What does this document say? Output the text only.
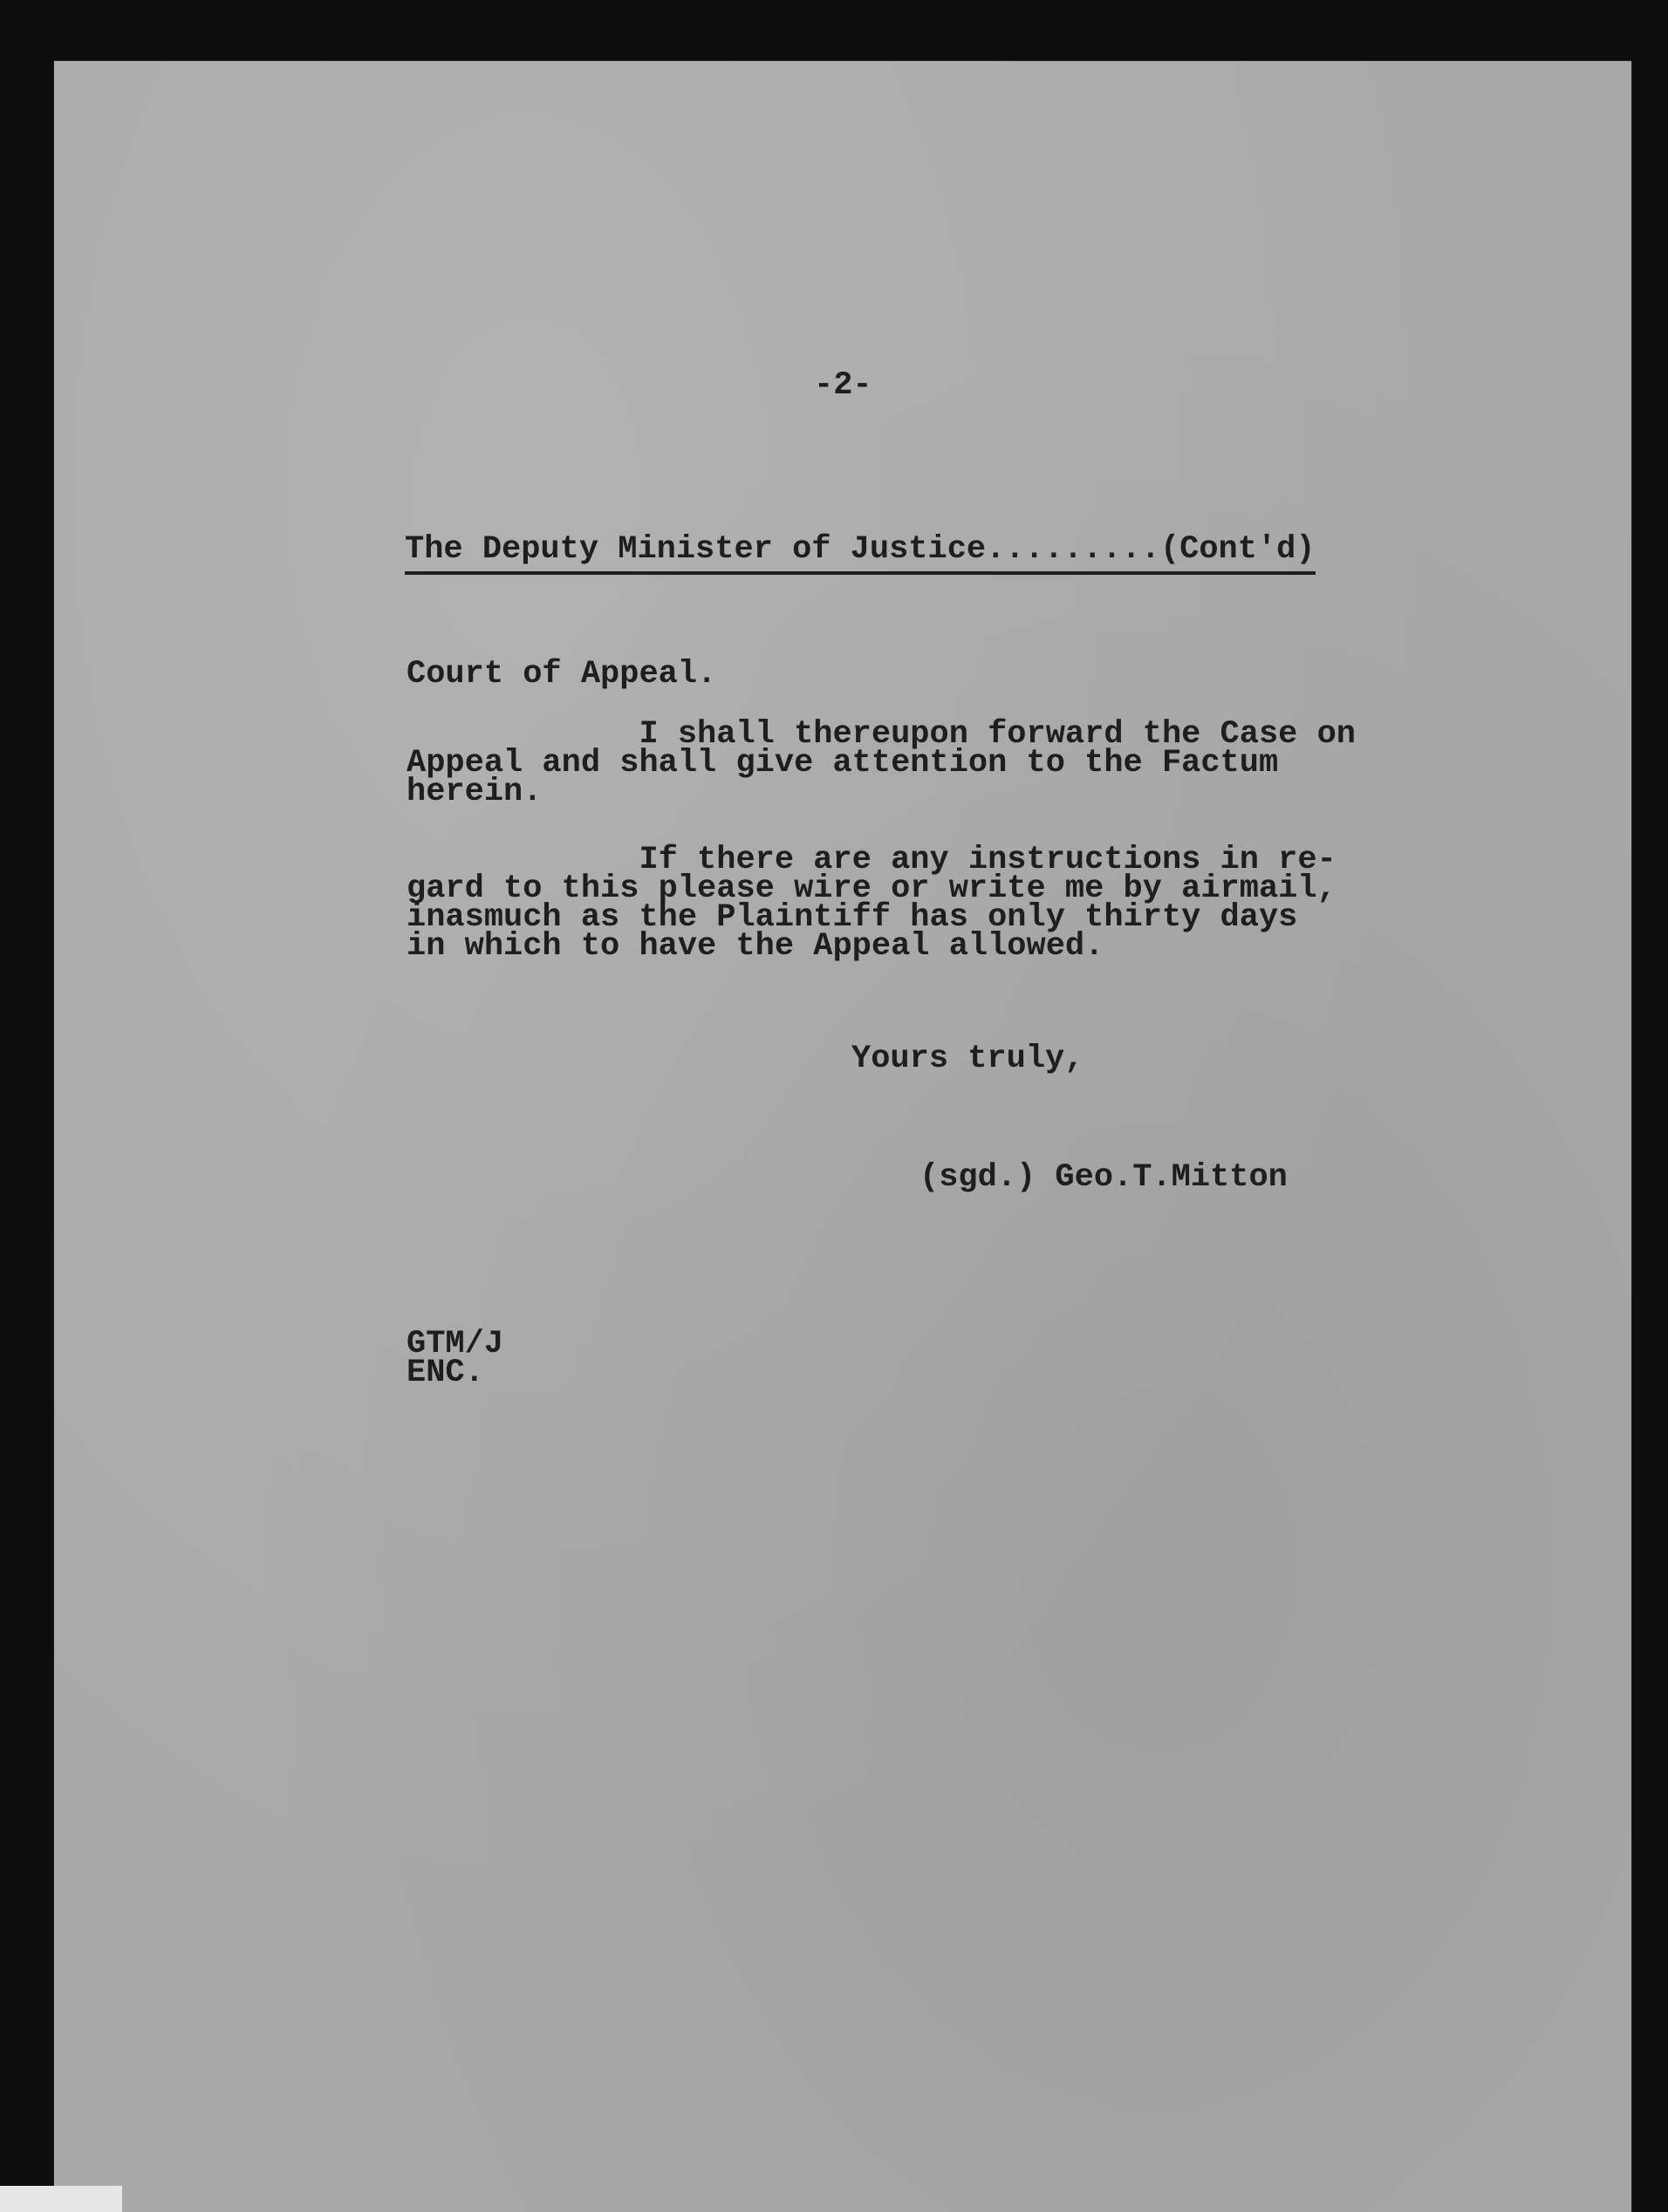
-2-

The Deputy Minister of Justice.........(Cont'd)

Court of Appeal.

I shall thereupon forward the Case on
Appeal and shall give attention to the Factum
herein.

If there are any instructions in re-
gard to this please wire or write me by airmail,
inasmuch as the Plaintiff has only thirty days
in which to have the Appeal allowed.

Yours truly,

(sgd.) Geo.T.Mitton

GTM/J
ENC.
